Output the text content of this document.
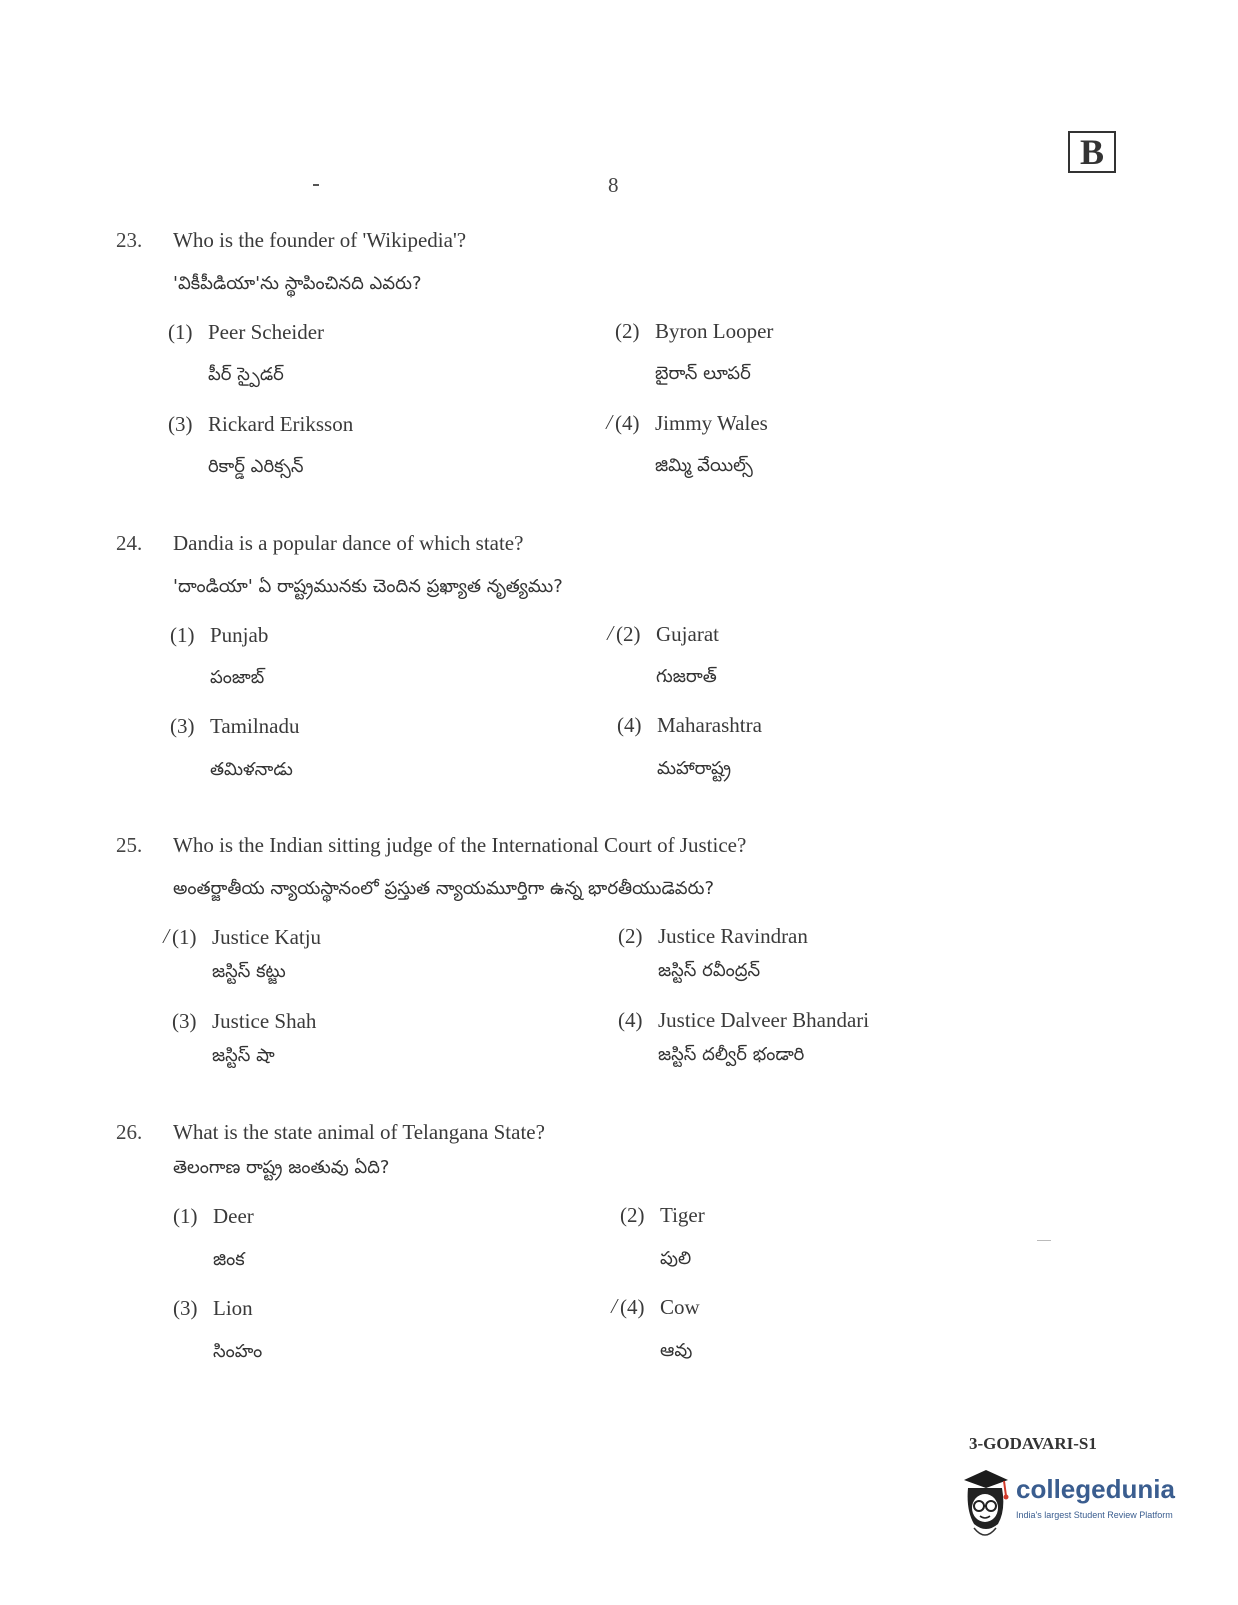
B
8
23. Who is the founder of 'Wikipedia'?
'వికీపీడియా'ను స్థాపించినది ఎవరు?
(1) Peer Scheider
పీర్ స్పైడర్
(2) Byron Looper
బైరాన్ లూపర్
(3) Rickard Eriksson
రికార్డ్ ఎరిక్సన్
(4) Jimmy Wales
జిమ్మి వేయిల్స్
24. Dandia is a popular dance of which state?
'దాండియా' ఏ రాష్ట్రమునకు చెందిన ప్రఖ్యాత నృత్యము?
(1) Punjab
పంజాబ్
(2) Gujarat
గుజరాత్
(3) Tamilnadu
తమిళనాడు
(4) Maharashtra
మహారాష్ట్ర
25. Who is the Indian sitting judge of the International Court of Justice?
అంతర్జాతీయ న్యాయస్థానంలో ప్రస్తుత న్యాయమూర్తిగా ఉన్న భారతీయుడెవరు?
(1) Justice Katju
జస్టిస్ కట్జు
(2) Justice Ravindran
జస్టిస్ రవీంద్రన్
(3) Justice Shah
జస్టిస్ షా
(4) Justice Dalveer Bhandari
జస్టిస్ దల్వీర్ భండారి
26. What is the state animal of Telangana State?
తెలంగాణ రాష్ట్ర జంతువు ఏది?
(1) Deer
జింక
(2) Tiger
పులి
(3) Lion
సింహం
(4) Cow
ఆవు
3-GODAVARI-S1
collegedunia
India's largest Student Review Platform
